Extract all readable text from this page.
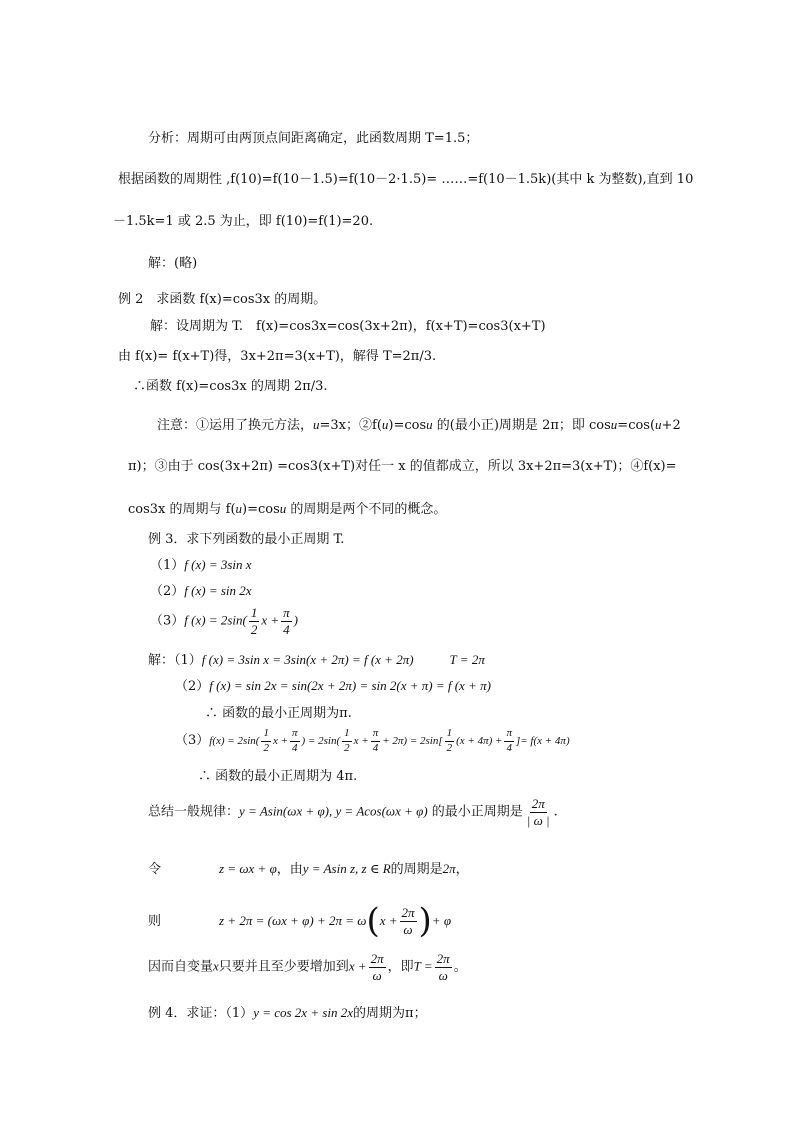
分析：周期可由两顶点间距离确定，此函数周期 T=1.5；
根据函数的周期性 ,f(10)=f(10－1.5)=f(10－2·1.5)= ……=f(10－1.5k)(其中 k 为整数),直到 10
－1.5k=1 或 2.5 为止，即 f(10)=f(1)=20.
解：(略)
例 2　求函数 f(x)=cos3x 的周期。
解：设周期为 T.　f(x)=cos3x=cos(3x+2π)，f(x+T)=cos3(x+T)
由 f(x)= f(x+T)得，3x+2π=3(x+T)，解得 T=2π/3.
∴函数 f(x)=cos3x 的周期 2π/3.
注意：①运用了换元方法，u=3x；②f(u)=cosu 的(最小正)周期是 2π；即 cosu=cos(u+2
π)；③由于 cos(3x+2π) =cos3(x+T)对任一 x 的值都成立，所以 3x+2π=3(x+T)；④f(x)=
cos3x 的周期与 f(u)=cosu 的周期是两个不同的概念。
例 3．求下列函数的最小正周期 T.
（1）f (x) = 3sin x
（2）f (x) = sin 2x
（3）f $(x) = 2\sin( \frac{1}{2}$ $x + \frac{\pi}{4}$ )
解：（1）f (x) = 3sin x = 3sin(x + 2π) = f (x + 2π)	T = 2π
（2）f (x) = sin 2x = sin(2x + 2π) = sin 2(x + π) = f (x + π)
∴ 函数的最小正周期为π.
$(3)f(x) = 2\sin( \frac{1}{2}$ $x + \frac{\pi}{4}$ ) = $2\sin( \frac{1}{2}$ $x + \frac{\pi}{4} + 2\pi) = 2\sin[ \frac{1}{2} (x + 4\pi) + \frac{\pi}{4}$ ]= f(x + 4π)
∴ 函数的最小正周期为 4π.
总结一般规律：y = Asin(ωx + φ), y = Acos(ωx + φ) 的最小正周期是 $\frac{2\pi}{| \omega |}$ .
令	z = ωx + φ，由y = Asin z, z ∈ R的周期是2π，
则	$z + 2\pi = (\omega x + \varphi) + 2\pi = \omega(x + \frac{2\pi}{\omega}$ )+ φ
因而自变量x只要并且至少要增加到$x + \frac{2\pi}{\omega}$ ，即$T = \frac{2\pi}{\omega}$ 。
例 4．求证：（1）y = cos 2x + sin 2x的周期为π；
